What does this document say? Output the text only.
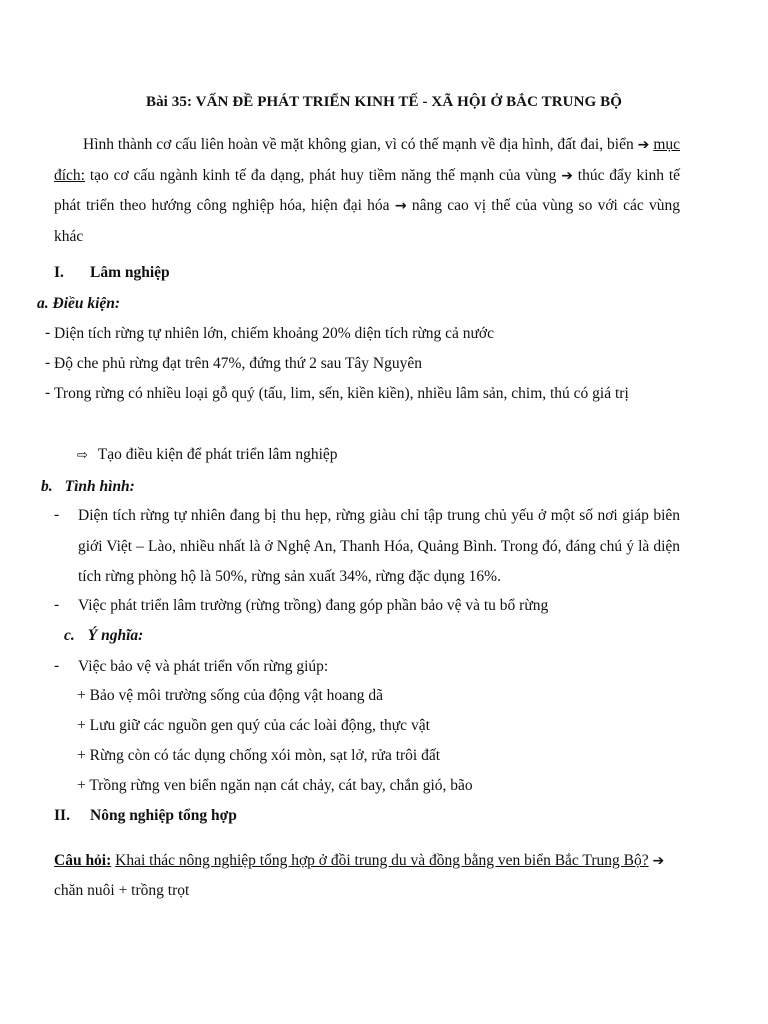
Bài 35: VẤN ĐỀ PHÁT TRIỂN KINH TẾ - XÃ HỘI Ở BẮC TRUNG BỘ
Hình thành cơ cấu liên hoàn về mặt không gian, vì có thế mạnh về địa hình, đất đai, biển ➔ mục đích: tạo cơ cấu ngành kinh tế đa dạng, phát huy tiềm năng thế mạnh của vùng ➔ thúc đẩy kinh tế phát triển theo hướng công nghiệp hóa, hiện đại hóa → nâng cao vị thế của vùng so với các vùng khác
I. Lâm nghiệp
a. Điều kiện:
- Diện tích rừng tự nhiên lớn, chiếm khoảng 20% diện tích rừng cả nước
- Độ che phủ rừng đạt trên 47%, đứng thứ 2 sau Tây Nguyên
- Trong rừng có nhiều loại gỗ quý (tấu, lim, sến, kiền kiền), nhiều lâm sản, chim, thú có giá trị
⇨ Tạo điều kiện để phát triển lâm nghiệp
b. Tình hình:
- Diện tích rừng tự nhiên đang bị thu hẹp, rừng giàu chỉ tập trung chủ yếu ở một số nơi giáp biên giới Việt – Lào, nhiều nhất là ở Nghệ An, Thanh Hóa, Quảng Bình. Trong đó, đáng chú ý là diện tích rừng phòng hộ là 50%, rừng sản xuất 34%, rừng đặc dụng 16%.
- Việc phát triển lâm trường (rừng trồng) đang góp phần bảo vệ và tu bổ rừng
c. Ý nghĩa:
- Việc bảo vệ và phát triển vốn rừng giúp:
+ Bảo vệ môi trường sống của động vật hoang dã
+ Lưu giữ các nguồn gen quý của các loài động, thực vật
+ Rừng còn có tác dụng chống xói mòn, sạt lở, rửa trôi đất
+ Trồng rừng ven biển ngăn nạn cát chảy, cát bay, chắn gió, bão
II. Nông nghiệp tổng hợp
Câu hỏi: Khai thác nông nghiệp tổng hợp ở đồi trung du và đồng bằng ven biển Bắc Trung Bộ? ➔ chăn nuôi + trồng trọt
